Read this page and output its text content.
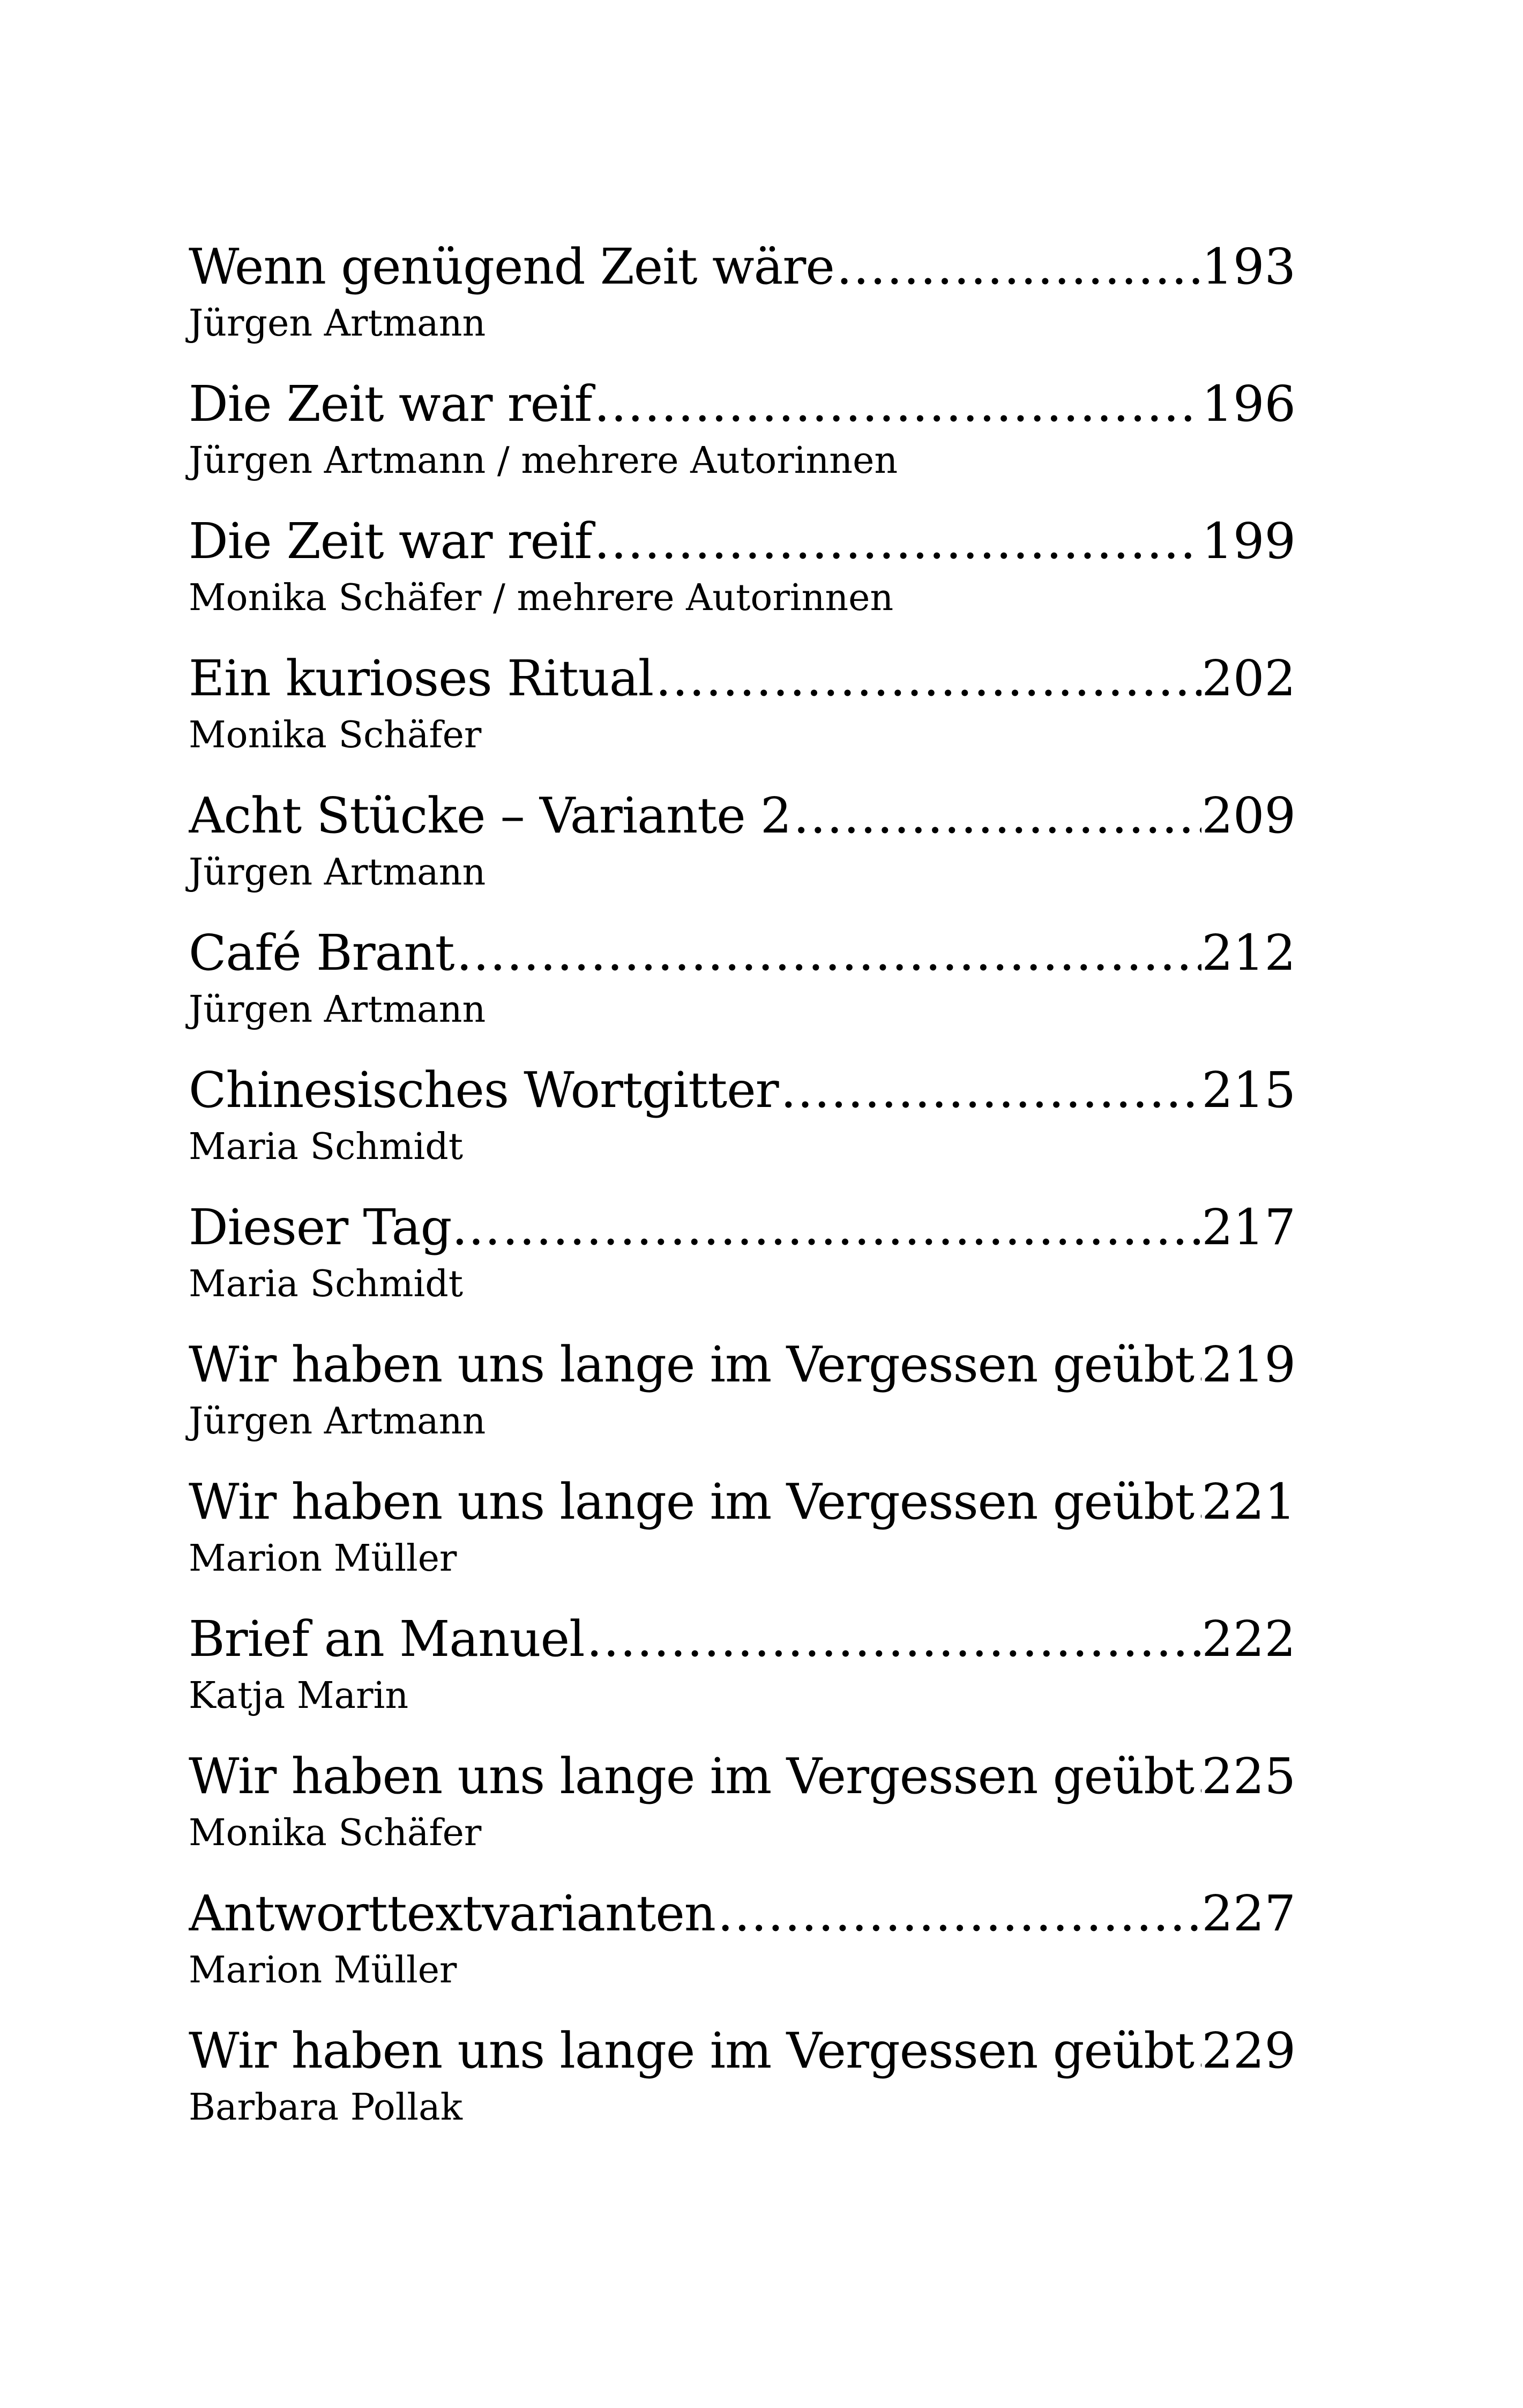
Wenn genügend Zeit wäre .....	193
Jürgen Artmann
Die Zeit war reif .....	196
Jürgen Artmann / mehrere Autorinnen
Die Zeit war reif .....	199
Monika Schäfer / mehrere Autorinnen
Ein kurioses Ritual .....	202
Monika Schäfer
Acht Stücke – Variante 2 .....	209
Jürgen Artmann
Café Brant .....	212
Jürgen Artmann
Chinesisches Wortgitter .....	215
Maria Schmidt
Dieser Tag… .....	217
Maria Schmidt
Wir haben uns lange im Vergessen geübt ..... 219
Jürgen Artmann
Wir haben uns lange im Vergessen geübt ..... 221
Marion Müller
Brief an Manuel .....	222
Katja Marin
Wir haben uns lange im Vergessen geübt ..... 225
Monika Schäfer
Antworttextvarianten .....	227
Marion Müller
Wir haben uns lange im Vergessen geübt ..... 229
Barbara Pollak
